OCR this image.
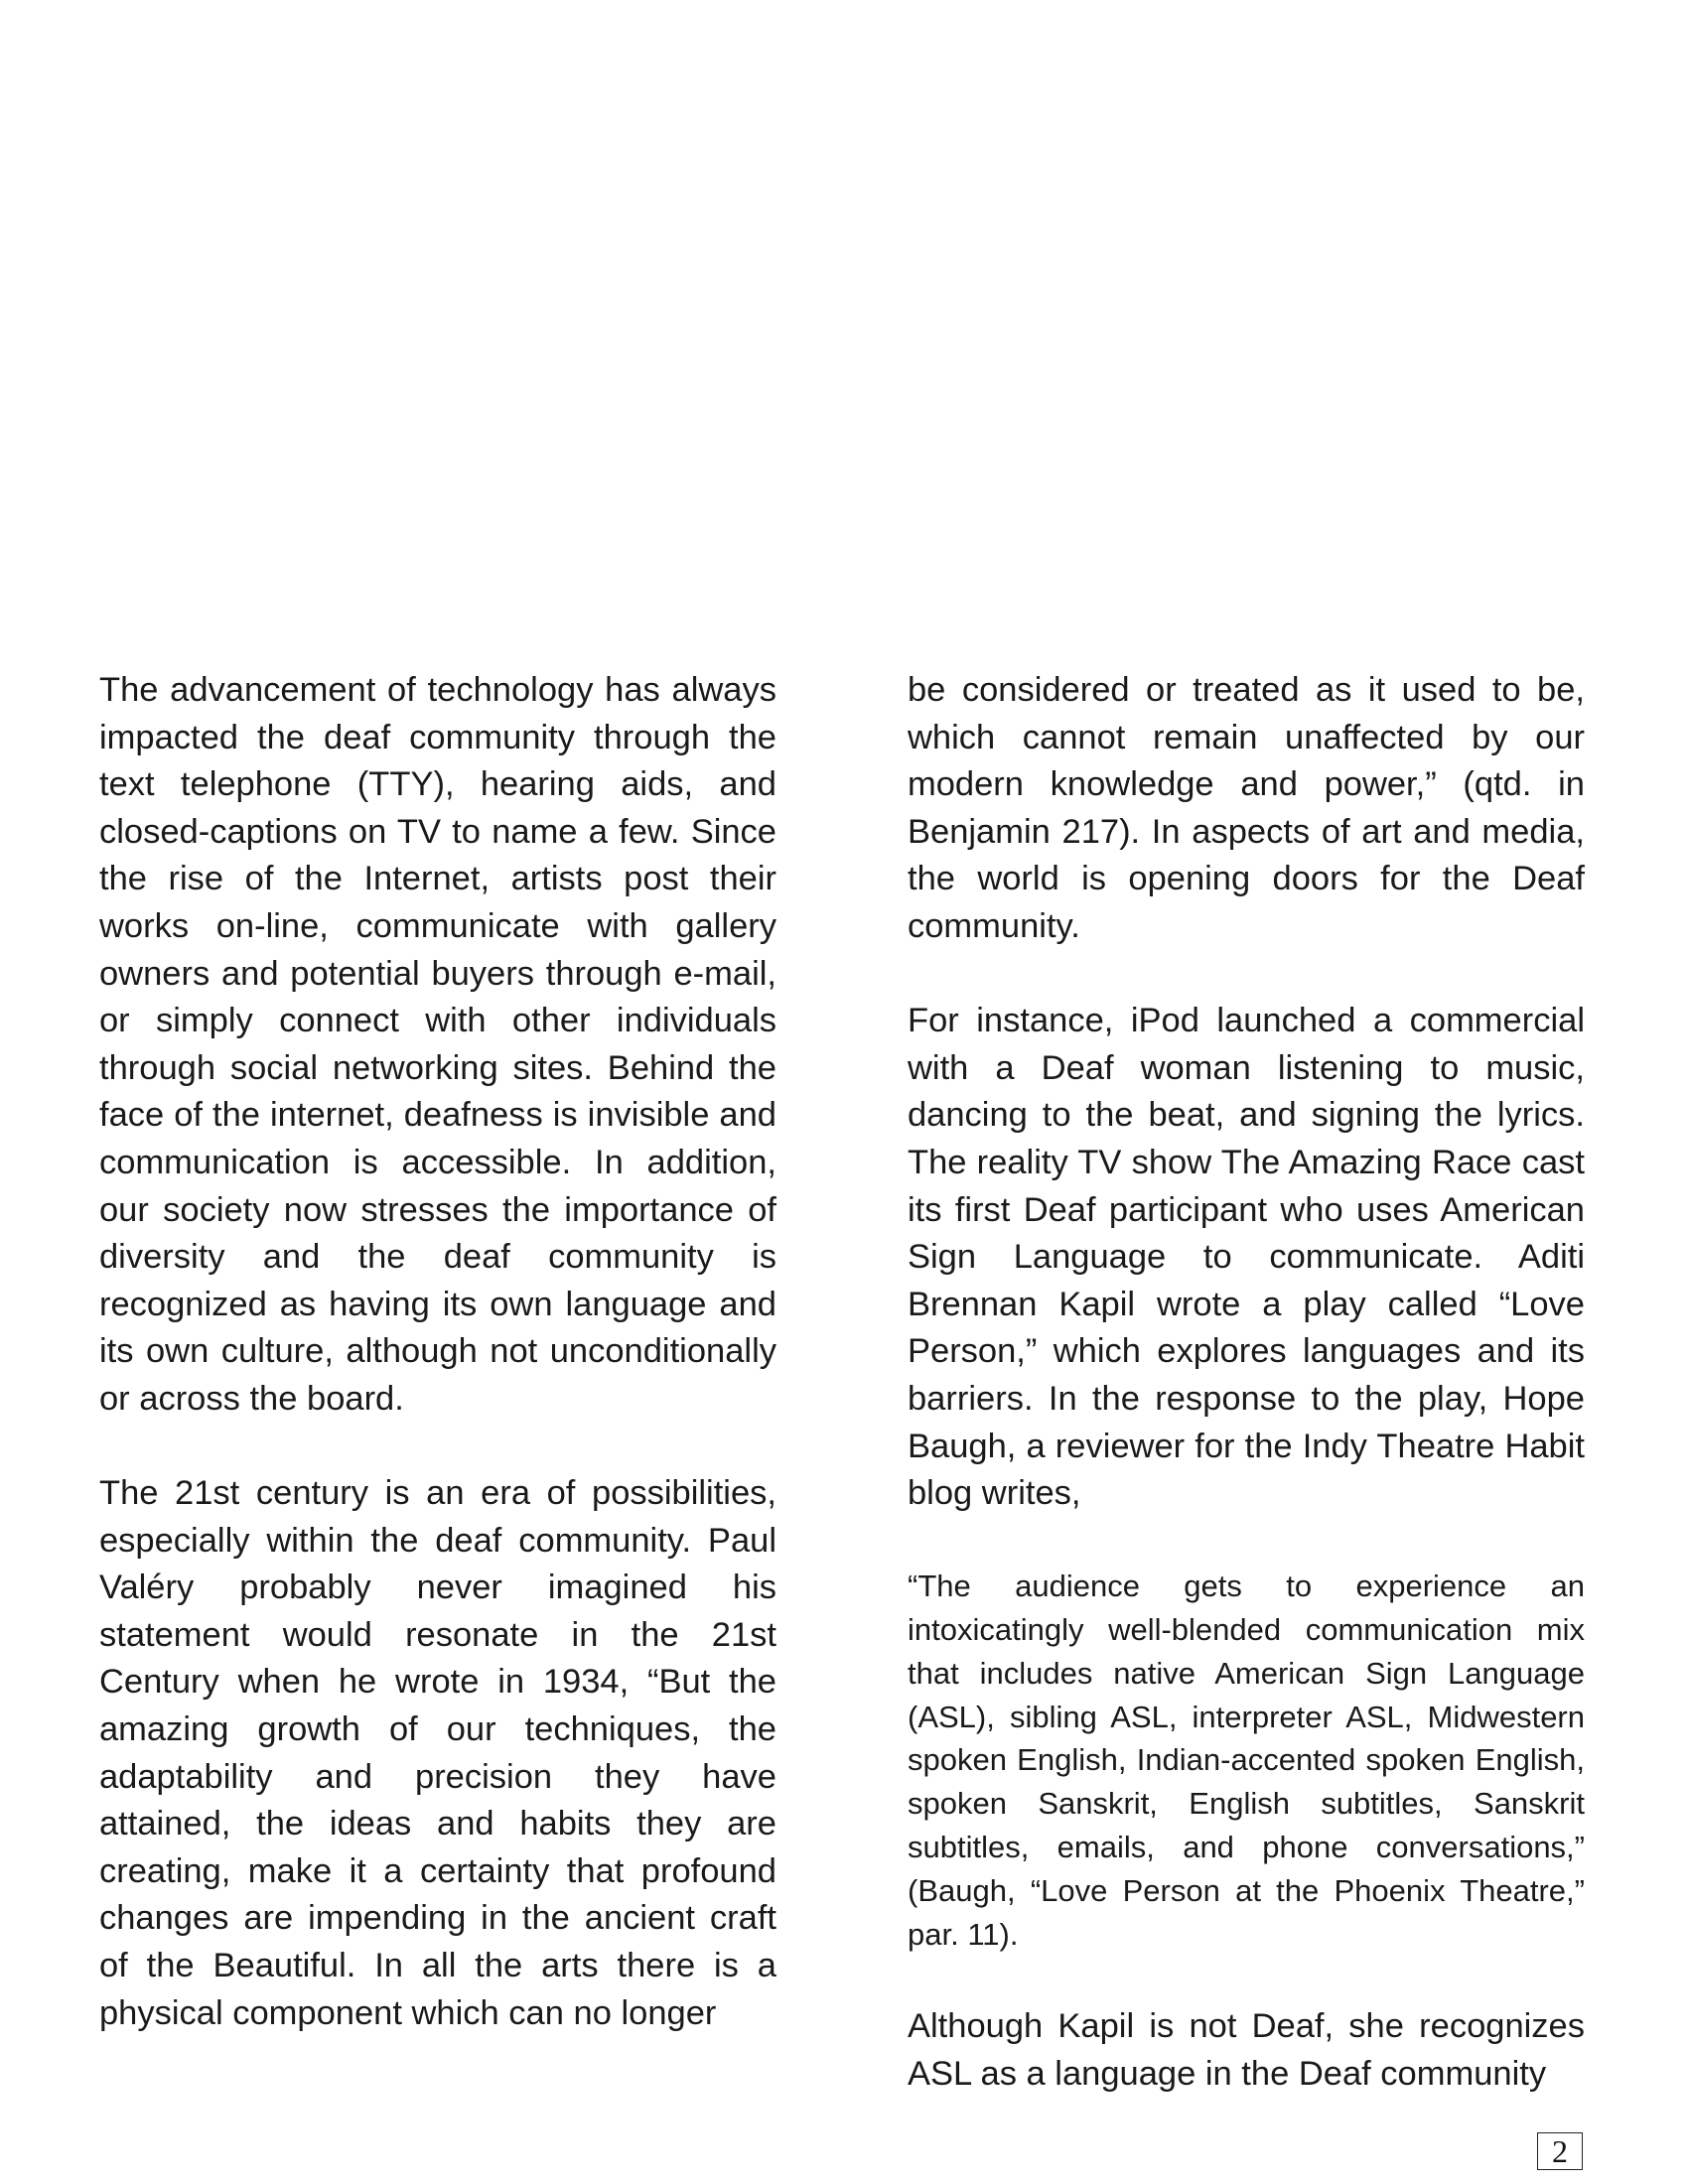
The advancement of technology has always impacted the deaf community through the text telephone (TTY), hearing aids, and closed-captions on TV to name a few. Since the rise of the Internet, artists post their works on-line, communicate with gallery owners and potential buyers through e-mail, or simply connect with other individuals through social networking sites. Behind the face of the internet, deafness is invisible and communication is accessible. In addition, our society now stresses the importance of diversity and the deaf community is recognized as having its own language and its own culture, although not unconditionally or across the board.

The 21st century is an era of possibilities, especially within the deaf community. Paul Valéry probably never imagined his statement would resonate in the 21st Century when he wrote in 1934, “But the amazing growth of our techniques, the adaptability and precision they have attained, the ideas and habits they are creating, make it a certainty that profound changes are impending in the ancient craft of the Beautiful. In all the arts there is a physical component which can no longer

be considered or treated as it used to be, which cannot remain unaffected by our modern knowledge and power,” (qtd. in Benjamin 217). In aspects of art and media, the world is opening doors for the Deaf community.

For instance, iPod launched a commercial with a Deaf woman listening to music, dancing to the beat, and signing the lyrics. The reality TV show The Amazing Race cast its first Deaf participant who uses American Sign Language to communicate. Aditi Brennan Kapil wrote a play called “Love Person,” which explores languages and its barriers. In the response to the play, Hope Baugh, a reviewer for the Indy Theatre Habit blog writes,

“The audience gets to experience an intoxicatingly well-blended communication mix that includes native American Sign Language (ASL), sibling ASL, interpreter ASL, Midwestern spoken English, Indian-accented spoken English, spoken Sanskrit, English subtitles, Sanskrit subtitles, emails, and phone conversations,” (Baugh, “Love Person at the Phoenix Theatre,” par. 11).

Although Kapil is not Deaf, she recognizes ASL as a language in the Deaf community

2
